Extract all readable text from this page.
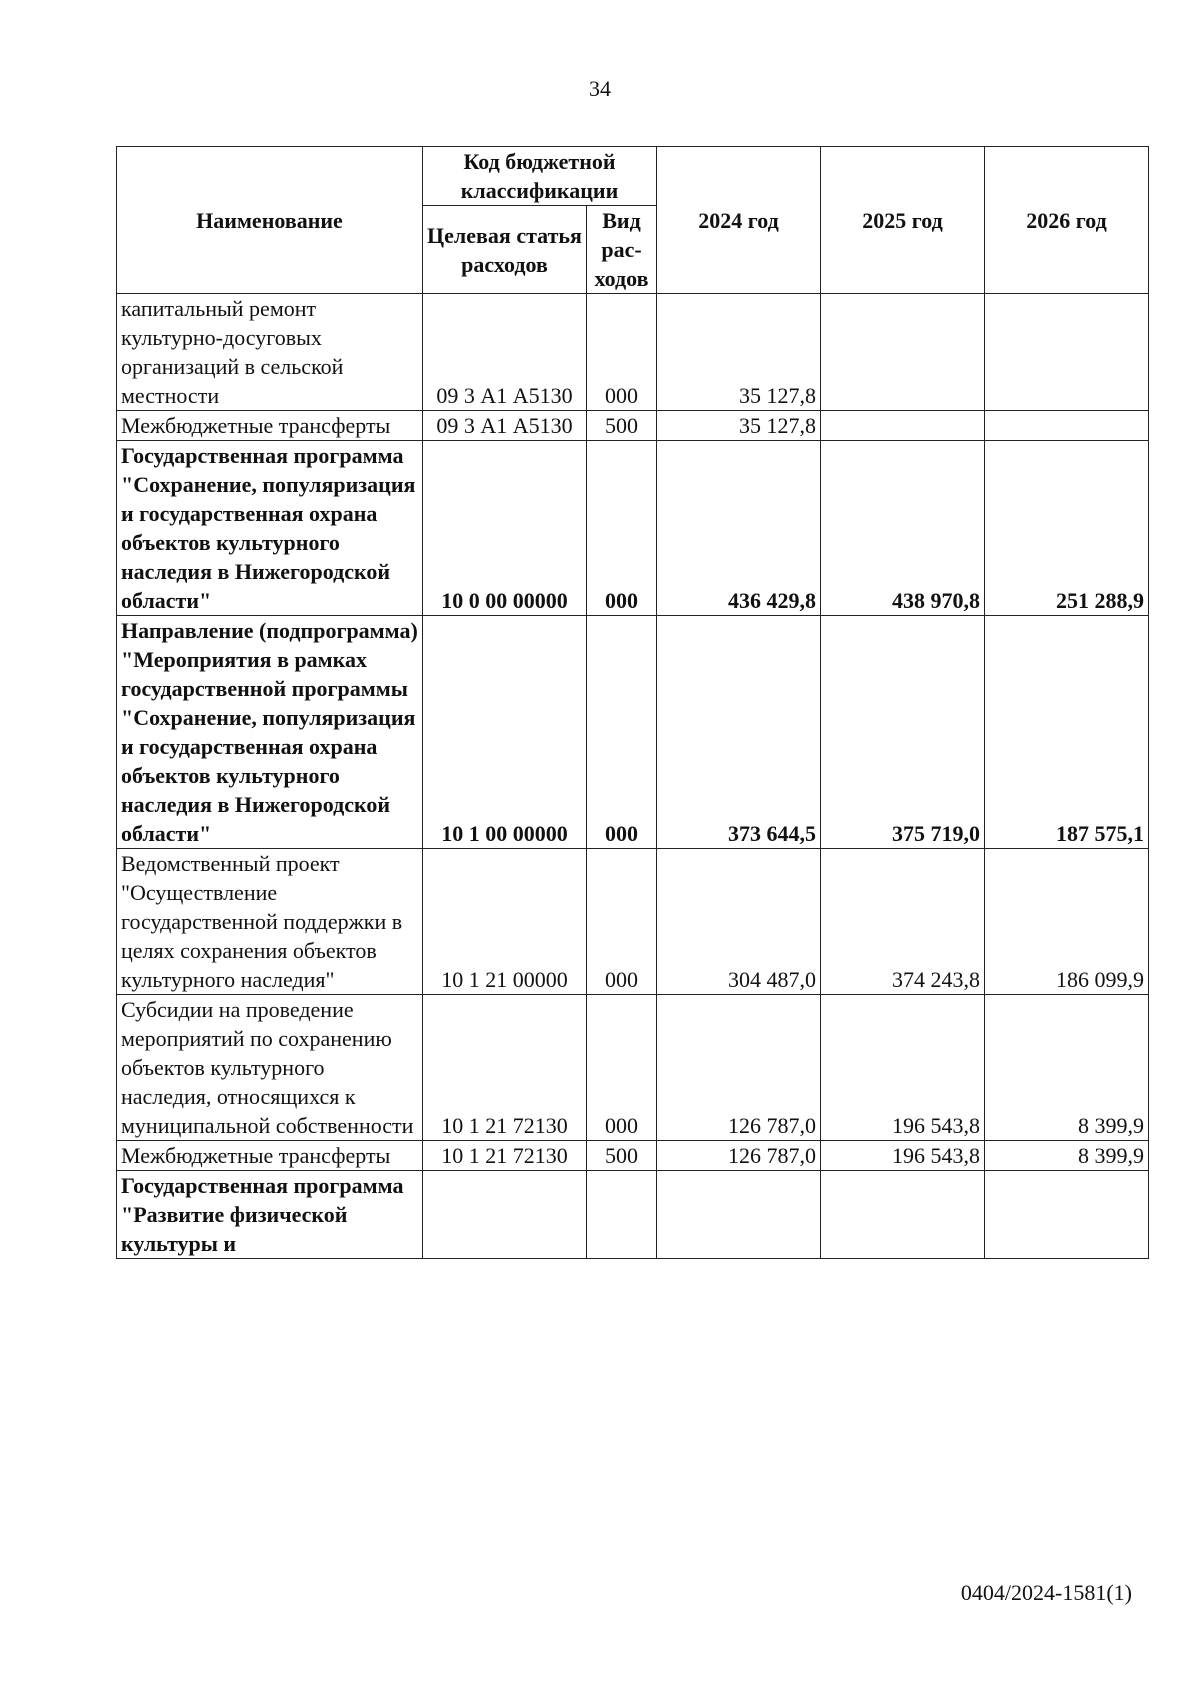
34
Наименование	Код бюджетной классификации		2024 год	2025 год	2026 год
	Целевая статья расходов	Вид рас-ходов			
капитальный ремонт культурно-досуговых организаций в сельской местности	09 3 А1 А5130	000	35 127,8		
Межбюджетные трансферты	09 3 А1 А5130	500	35 127,8		
Государственная программа "Сохранение, популяризация и государственная охрана объектов культурного наследия в Нижегородской области"	10 0 00 00000	000	436 429,8	438 970,8	251 288,9
Направление (подпрограмма) "Мероприятия в рамках государственной программы "Сохранение, популяризация и государственная охрана объектов культурного наследия в Нижегородской области"	10 1 00 00000	000	373 644,5	375 719,0	187 575,1
Ведомственный проект "Осуществление государственной поддержки в целях сохранения объектов культурного наследия"	10 1 21 00000	000	304 487,0	374 243,8	186 099,9
Субсидии на проведение мероприятий по сохранению объектов культурного наследия, относящихся к муниципальной собственности	10 1 21 72130	000	126 787,0	196 543,8	8 399,9
Межбюджетные трансферты	10 1 21 72130	500	126 787,0	196 543,8	8 399,9
Государственная программа "Развитие физической культуры и					
0404/2024-1581(1)
